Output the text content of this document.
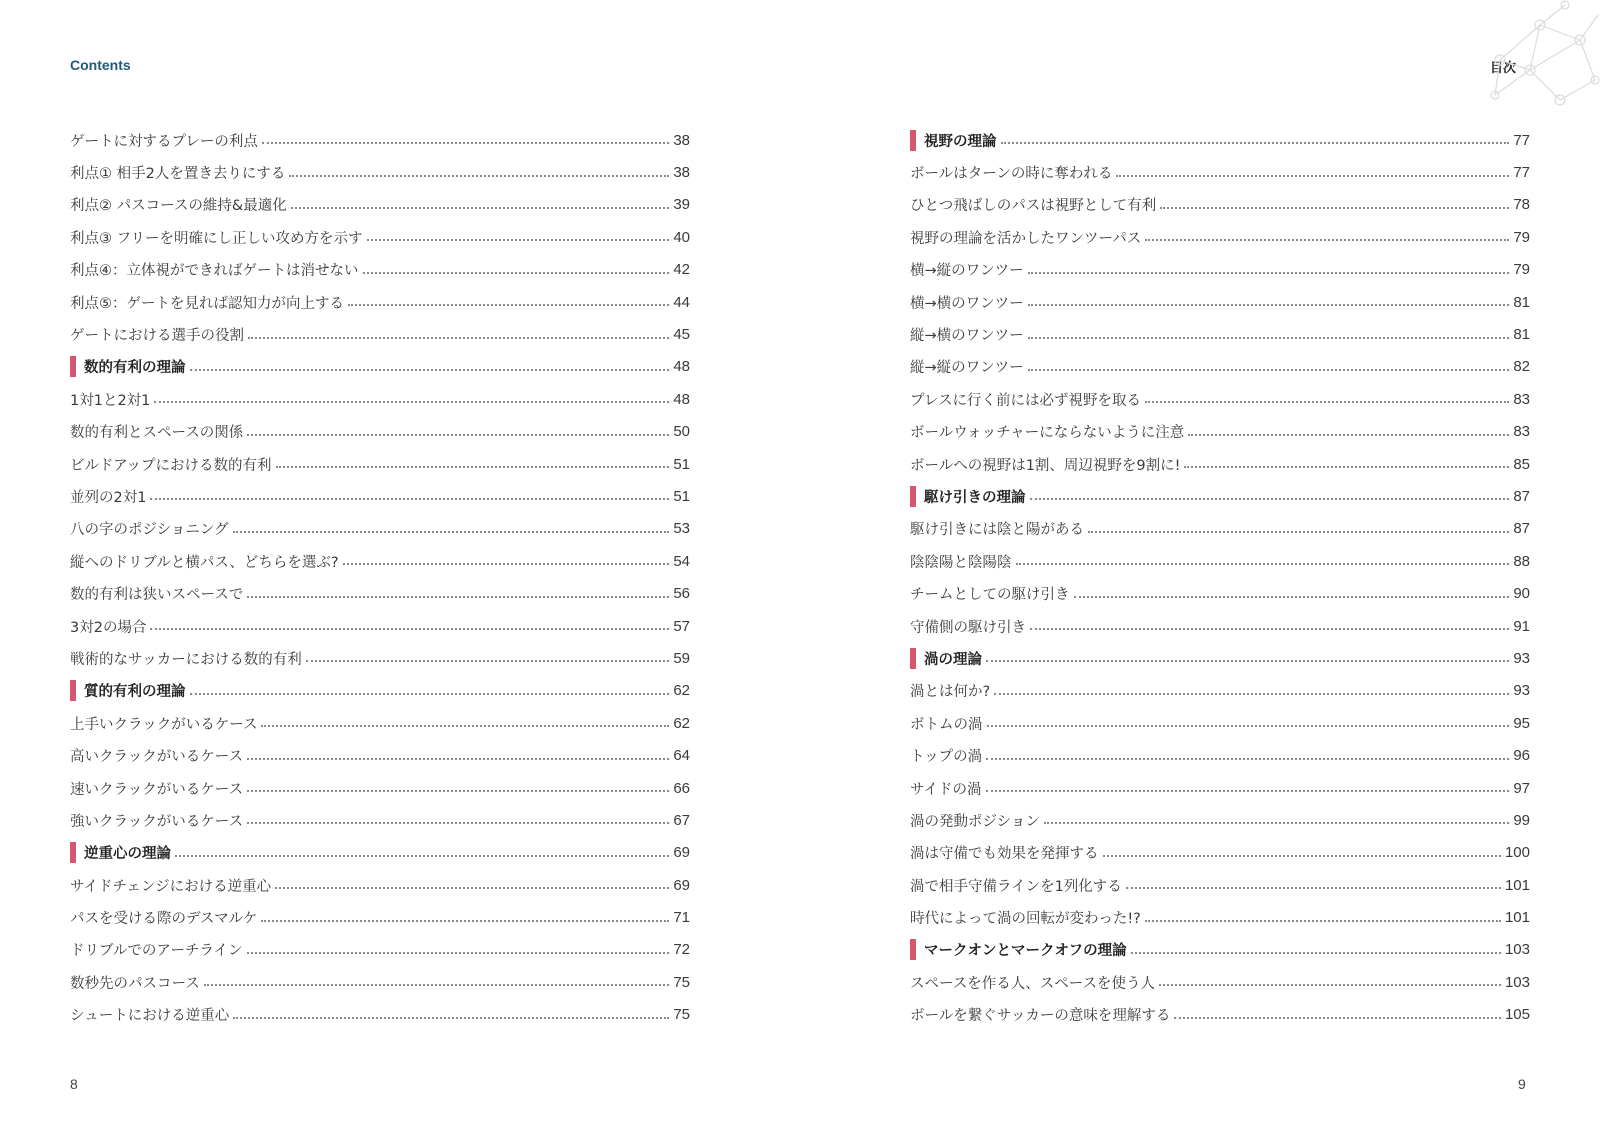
Contents	目次
ゲートに対するプレーの利点	38
利点① 相手2人を置き去りにする	38
利点② パスコースの維持&最適化	39
利点③ フリーを明確にし正しい攻め方を示す	40
利点④：立体視ができればゲートは消せない	42
利点⑤：ゲートを見れば認知力が向上する	44
ゲートにおける選手の役割	45
数的有利の理論	48
1対1と2対1	48
数的有利とスペースの関係	50
ビルドアップにおける数的有利	51
並列の2対1	51
八の字のポジショニング	53
縦へのドリブルと横パス、どちらを選ぶ?	54
数的有利は狭いスペースで	56
3対2の場合	57
戦術的なサッカーにおける数的有利	59
質的有利の理論	62
上手いクラックがいるケース	62
高いクラックがいるケース	64
速いクラックがいるケース	66
強いクラックがいるケース	67
逆重心の理論	69
サイドチェンジにおける逆重心	69
パスを受ける際のデスマルケ	71
ドリブルでのアーチライン	72
数秒先のパスコース	75
シュートにおける逆重心	75
視野の理論	77
ボールはターンの時に奪われる	77
ひとつ飛ばしのパスは視野として有利	78
視野の理論を活かしたワンツーパス	79
横→縦のワンツー	79
横→横のワンツー	81
縦→横のワンツー	81
縦→縦のワンツー	82
プレスに行く前には必ず視野を取る	83
ボールウォッチャーにならないように注意	83
ボールへの視野は1割、周辺視野を9割に!	85
駆け引きの理論	87
駆け引きには陰と陽がある	87
陰陰陽と陰陽陰	88
チームとしての駆け引き	90
守備側の駆け引き	91
渦の理論	93
渦とは何か?	93
ボトムの渦	95
トップの渦	96
サイドの渦	97
渦の発動ポジション	99
渦は守備でも効果を発揮する	100
渦で相手守備ラインを1列化する	101
時代によって渦の回転が変わった!?	101
マークオンとマークオフの理論	103
スペースを作る人、スペースを使う人	103
ボールを繋ぐサッカーの意味を理解する	105
8	9
